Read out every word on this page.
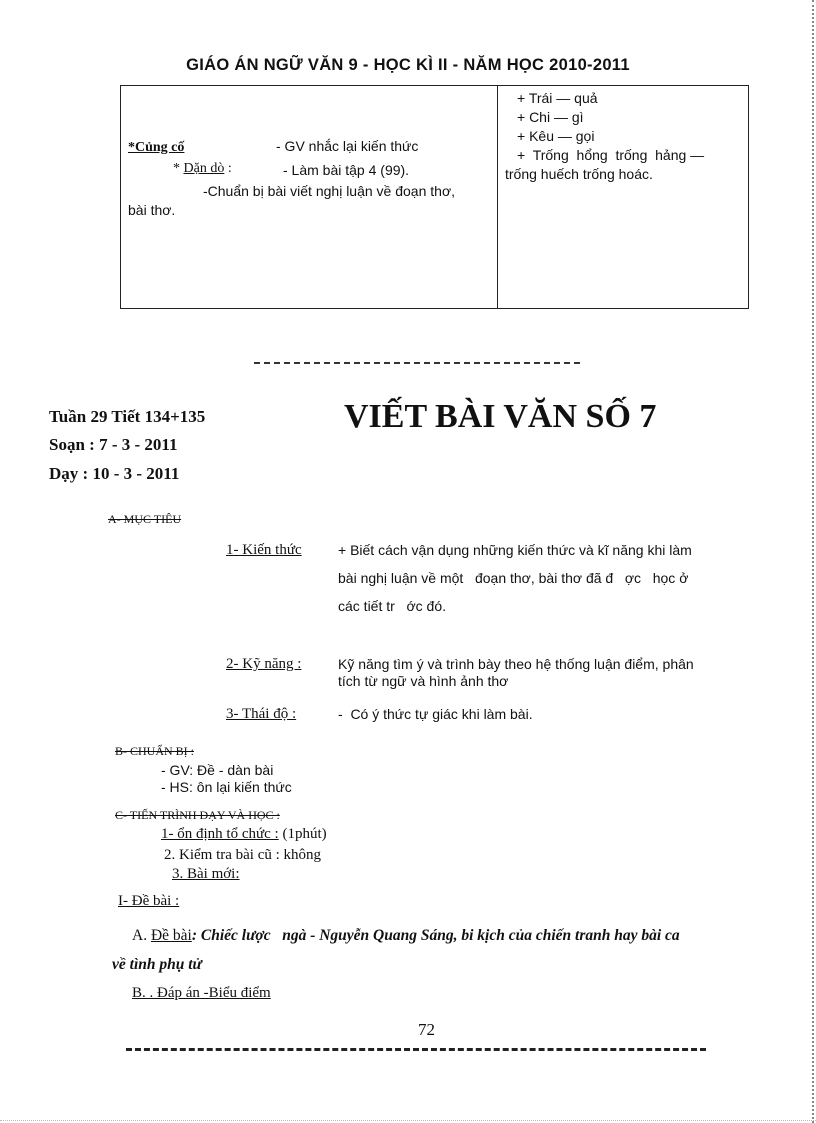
GIÁO ÁN NGỮ VĂN 9 - HỌC KÌ II - NĂM HỌC 2010-2011
*Củng cố	- GV nhắc lại kiến thức
* Dặn dò :	- Làm bài tập 4 (99).
-Chuẩn bị bài viết nghị luận về đoạn thơ,
bài thơ.
+ Trái — quả
+ Chi — gì
+ Kêu — gọi
+  Trống  hổng  trống  hảng —
trống huếch trống hoác.
Tuần 29 Tiết 134+135
Soạn : 7 - 3 - 2011
Dạy : 10 - 3 - 2011
VIẾT BÀI VĂN SỐ 7
A- MỤC TIÊU
1- Kiến thức	+ Biết cách vận dụng những kiến thức và kĩ năng khi làm
bài nghị luận về một   đoạn thơ, bài thơ đã đ   ợc   học ở
các tiết tr   ớc đó.
2- Kỹ năng :	Kỹ năng tìm ý và trình bày theo hệ thống luận điểm, phân
tích từ ngữ và hình ảnh thơ
3- Thái độ :	-  Có ý thức tự giác khi làm bài.
B- CHUẨN BỊ :
- GV: Đề - dàn bài
- HS: ôn lại kiến thức
C- TIẾN TRÌNH DẠY VÀ HỌC :
1- ổn định tổ chức : (1phút)
2. Kiểm tra bài cũ : không
3. Bài mới:
I- Đề bài :
A. Đề bài: Chiếc lược   ngà - Nguyễn Quang Sáng, bi kịch của chiến tranh hay bài ca
về tình phụ tử
B. . Đáp án -Biểu điểm
72
